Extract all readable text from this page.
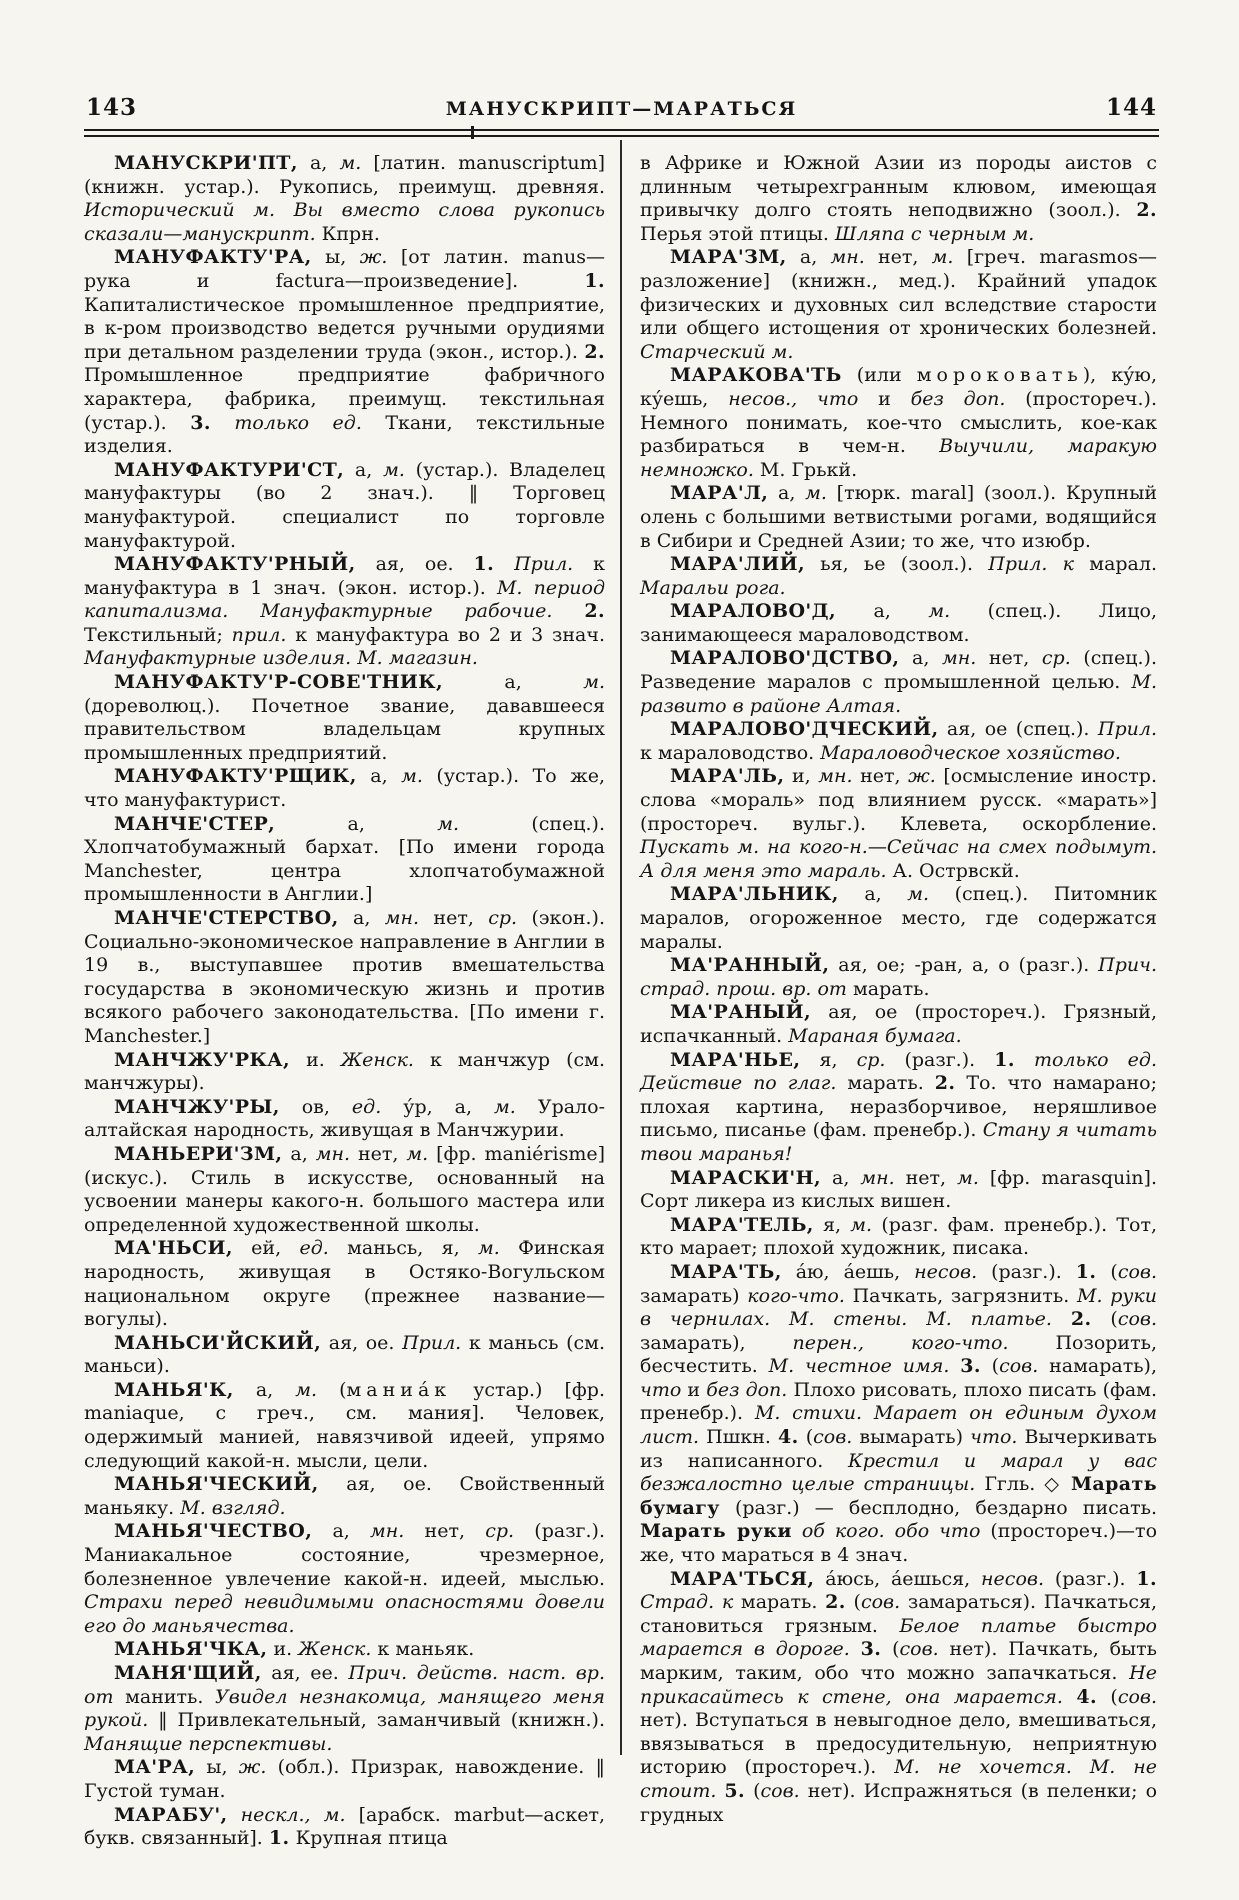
143	МАНУСКРИПТ—МАРАТЬСЯ	144

МАНУСКРИ'ПТ, а, м. [латин. manuscriptum] (книжн. устар.). Рукопись, преимущ. древняя. Исторический м. Вы вместо слова рукопись сказали—манускрипт. Кпрн.

МАНУФАКТУ'РА, ы, ж. [от латин. manus—рука и factura—произведение]. 1. Капиталистическое промышленное предприятие, в к-ром производство ведется ручными орудиями при детальном разделении труда (экон., истор.). 2. Промышленное предприятие фабричного характера, фабрика, преимущ. текстильная (устар.). 3. только ед. Ткани, текстильные изделия.

МАНУФАКТУРИ'СТ, а, м. (устар.). Владелец мануфактуры (во 2 знач.). ‖ Торговец мануфактурой. специалист по торговле мануфактурой.

МАНУФАКТУ'РНЫЙ, ая, ое. 1. Прил. к мануфактура в 1 знач. (экон. истор.). М. период капитализма. Мануфактурные рабочие. 2. Текстильный; прил. к мануфактура во 2 и 3 знач. Мануфактурные изделия. М. магазин.

МАНУФАКТУ'Р-СОВЕ'ТНИК, а, м. (дореволюц.). Почетное звание, дававшееся правительством владельцам крупных промышленных предприятий.

МАНУФАКТУ'РЩИК, а, м. (устар.). То же, что мануфактурист.

МАНЧЕ'СТЕР, а, м. (спец.). Хлопчатобумажный бархат. [По имени города Manchester, центра хлопчатобумажной промышленности в Англии.]

МАНЧЕ'СТЕРСТВО, а, мн. нет, ср. (экон.). Социально-экономическое направление в Англии в 19 в., выступавшее против вмешательства государства в экономическую жизнь и против всякого рабочего законодательства. [По имени г. Manchester.]

МАНЧЖУ'РКА, и. Женск. к манчжур (см. манчжуры).

МАНЧЖУ'РЫ, ов, ед. у́р, а, м. Урало-алтайская народность, живущая в Манчжурии.

МАНЬЕРИ'ЗМ, а, мн. нет, м. [фр. maniérisme] (искус.). Стиль в искусстве, основанный на усвоении манеры какого-н. большого мастера или определенной художественной школы.

МА'НЬСИ, ей, ед. маньсь, я, м. Финская народность, живущая в Остяко-Вогульском национальном округе (прежнее название—вогулы).

МАНЬСИ'ЙСКИЙ, ая, ое. Прил. к маньсь (см. маньси).

МАНЬЯ'К, а, м. (маниа́к устар.) [фр. maniaque, с греч., см. мания]. Человек, одержимый манией, навязчивой идеей, упрямо следующий какой-н. мысли, цели.

МАНЬЯ'ЧЕСКИЙ, ая, ое. Свойственный маньяку. М. взгляд.

МАНЬЯ'ЧЕСТВО, а, мн. нет, ср. (разг.). Маниакальное состояние, чрезмерное, болезненное увлечение какой-н. идеей, мыслью. Страхи перед невидимыми опасностями довели его до маньячества.

МАНЬЯ'ЧКА, и. Женск. к маньяк.

МАНЯ'ЩИЙ, ая, ее. Прич. действ. наст. вр. от манить. Увидел незнакомца, манящего меня рукой. ‖ Привлекательный, заманчивый (книжн.). Манящие перспективы.

МА'РА, ы, ж. (обл.). Призрак, навождение. ‖ Густой туман.

МАРАБУ', нескл., м. [арабск. marbut—аскет, букв. связанный]. 1. Крупная птица

в Африке и Южной Азии из породы аистов с длинным четырехгранным клювом, имеющая привычку долго стоять неподвижно (зоол.). 2. Перья этой птицы. Шляпа с черным м.

МАРА'ЗМ, а, мн. нет, м. [греч. marasmos—разложение] (книжн., мед.). Крайний упадок физических и духовных сил вследствие старости или общего истощения от хронических болезней. Старческий м.

МАРАКОВА'ТЬ (или мороковать), ку́ю, ку́ешь, несов., что и без доп. (простореч.). Немного понимать, кое-что смыслить, кое-как разбираться в чем-н. Выучили, маракую немножко. М. Грькй.

МАРА'Л, а, м. [тюрк. maral] (зоол.). Крупный олень с большими ветвистыми рогами, водящийся в Сибири и Средней Азии; то же, что изюбр.

МАРА'ЛИЙ, ья, ье (зоол.). Прил. к марал. Маральи рога.

МАРАЛОВО'Д, а, м. (спец.). Лицо, занимающееся мараловодством.

МАРАЛОВО'ДСТВО, а, мн. нет, ср. (спец.). Разведение маралов с промышленной целью. М. развито в районе Алтая.

МАРАЛОВО'ДЧЕСКИЙ, ая, ое (спец.). Прил. к мараловодство. Мараловодческое хозяйство.

МАРА'ЛЬ, и, мн. нет, ж. [осмысление иностр. слова «мораль» под влиянием русск. «марать»] (простореч. вульг.). Клевета, оскорбление. Пускать м. на кого-н.—Сейчас на смех подымут. А для меня это мараль. А. Острвскй.

МАРА'ЛЬНИК, а, м. (спец.). Питомник маралов, огороженное место, где содержатся маралы.

МА'РАННЫЙ, ая, ое; -ран, а, о (разг.). Прич. страд. прош. вр. от марать.

МА'РАНЫЙ, ая, ое (простореч.). Грязный, испачканный. Мараная бумага.

МАРА'НЬЕ, я, ср. (разг.). 1. только ед. Действие по глаг. марать. 2. То. что намарано; плохая картина, неразборчивое, неряшливое письмо, писанье (фам. пренебр.). Стану я читать твои маранья!

МАРАСКИ'Н, а, мн. нет, м. [фр. marasquin]. Сорт ликера из кислых вишен.

МАРА'ТЕЛЬ, я, м. (разг. фам. пренебр.). Тот, кто марает; плохой художник, писака.

МАРА'ТЬ, а́ю, а́ешь, несов. (разг.). 1. (сов. замарать) кого-что. Пачкать, загрязнить. М. руки в чернилах. М. стены. М. платье. 2. (сов. замарать), перен., кого-что. Позорить, бесчестить. М. честное имя. 3. (сов. намарать), что и без доп. Плохо рисовать, плохо писать (фам. пренебр.). М. стихи. Марает он единым духом лист. Пшкн. 4. (сов. вымарать) что. Вычеркивать из написанного. Крестил и марал у вас безжалостно целые страницы. Ггль. ◇ Марать бумагу (разг.) — бесплодно, бездарно писать. Марать руки об кого. обо что (простореч.)—то же, что мараться в 4 знач.

МАРА'ТЬСЯ, а́юсь, а́ешься, несов. (разг.). 1. Страд. к марать. 2. (сов. замараться). Пачкаться, становиться грязным. Белое платье быстро марается в дороге. 3. (сов. нет). Пачкать, быть марким, таким, обо что можно запачкаться. Не прикасайтесь к стене, она марается. 4. (сов. нет). Вступаться в невыгодное дело, вмешиваться, ввязываться в предосудительную, неприятную историю (простореч.). М. не хочется. М. не стоит. 5. (сов. нет). Испражняться (в пеленки; о грудных
